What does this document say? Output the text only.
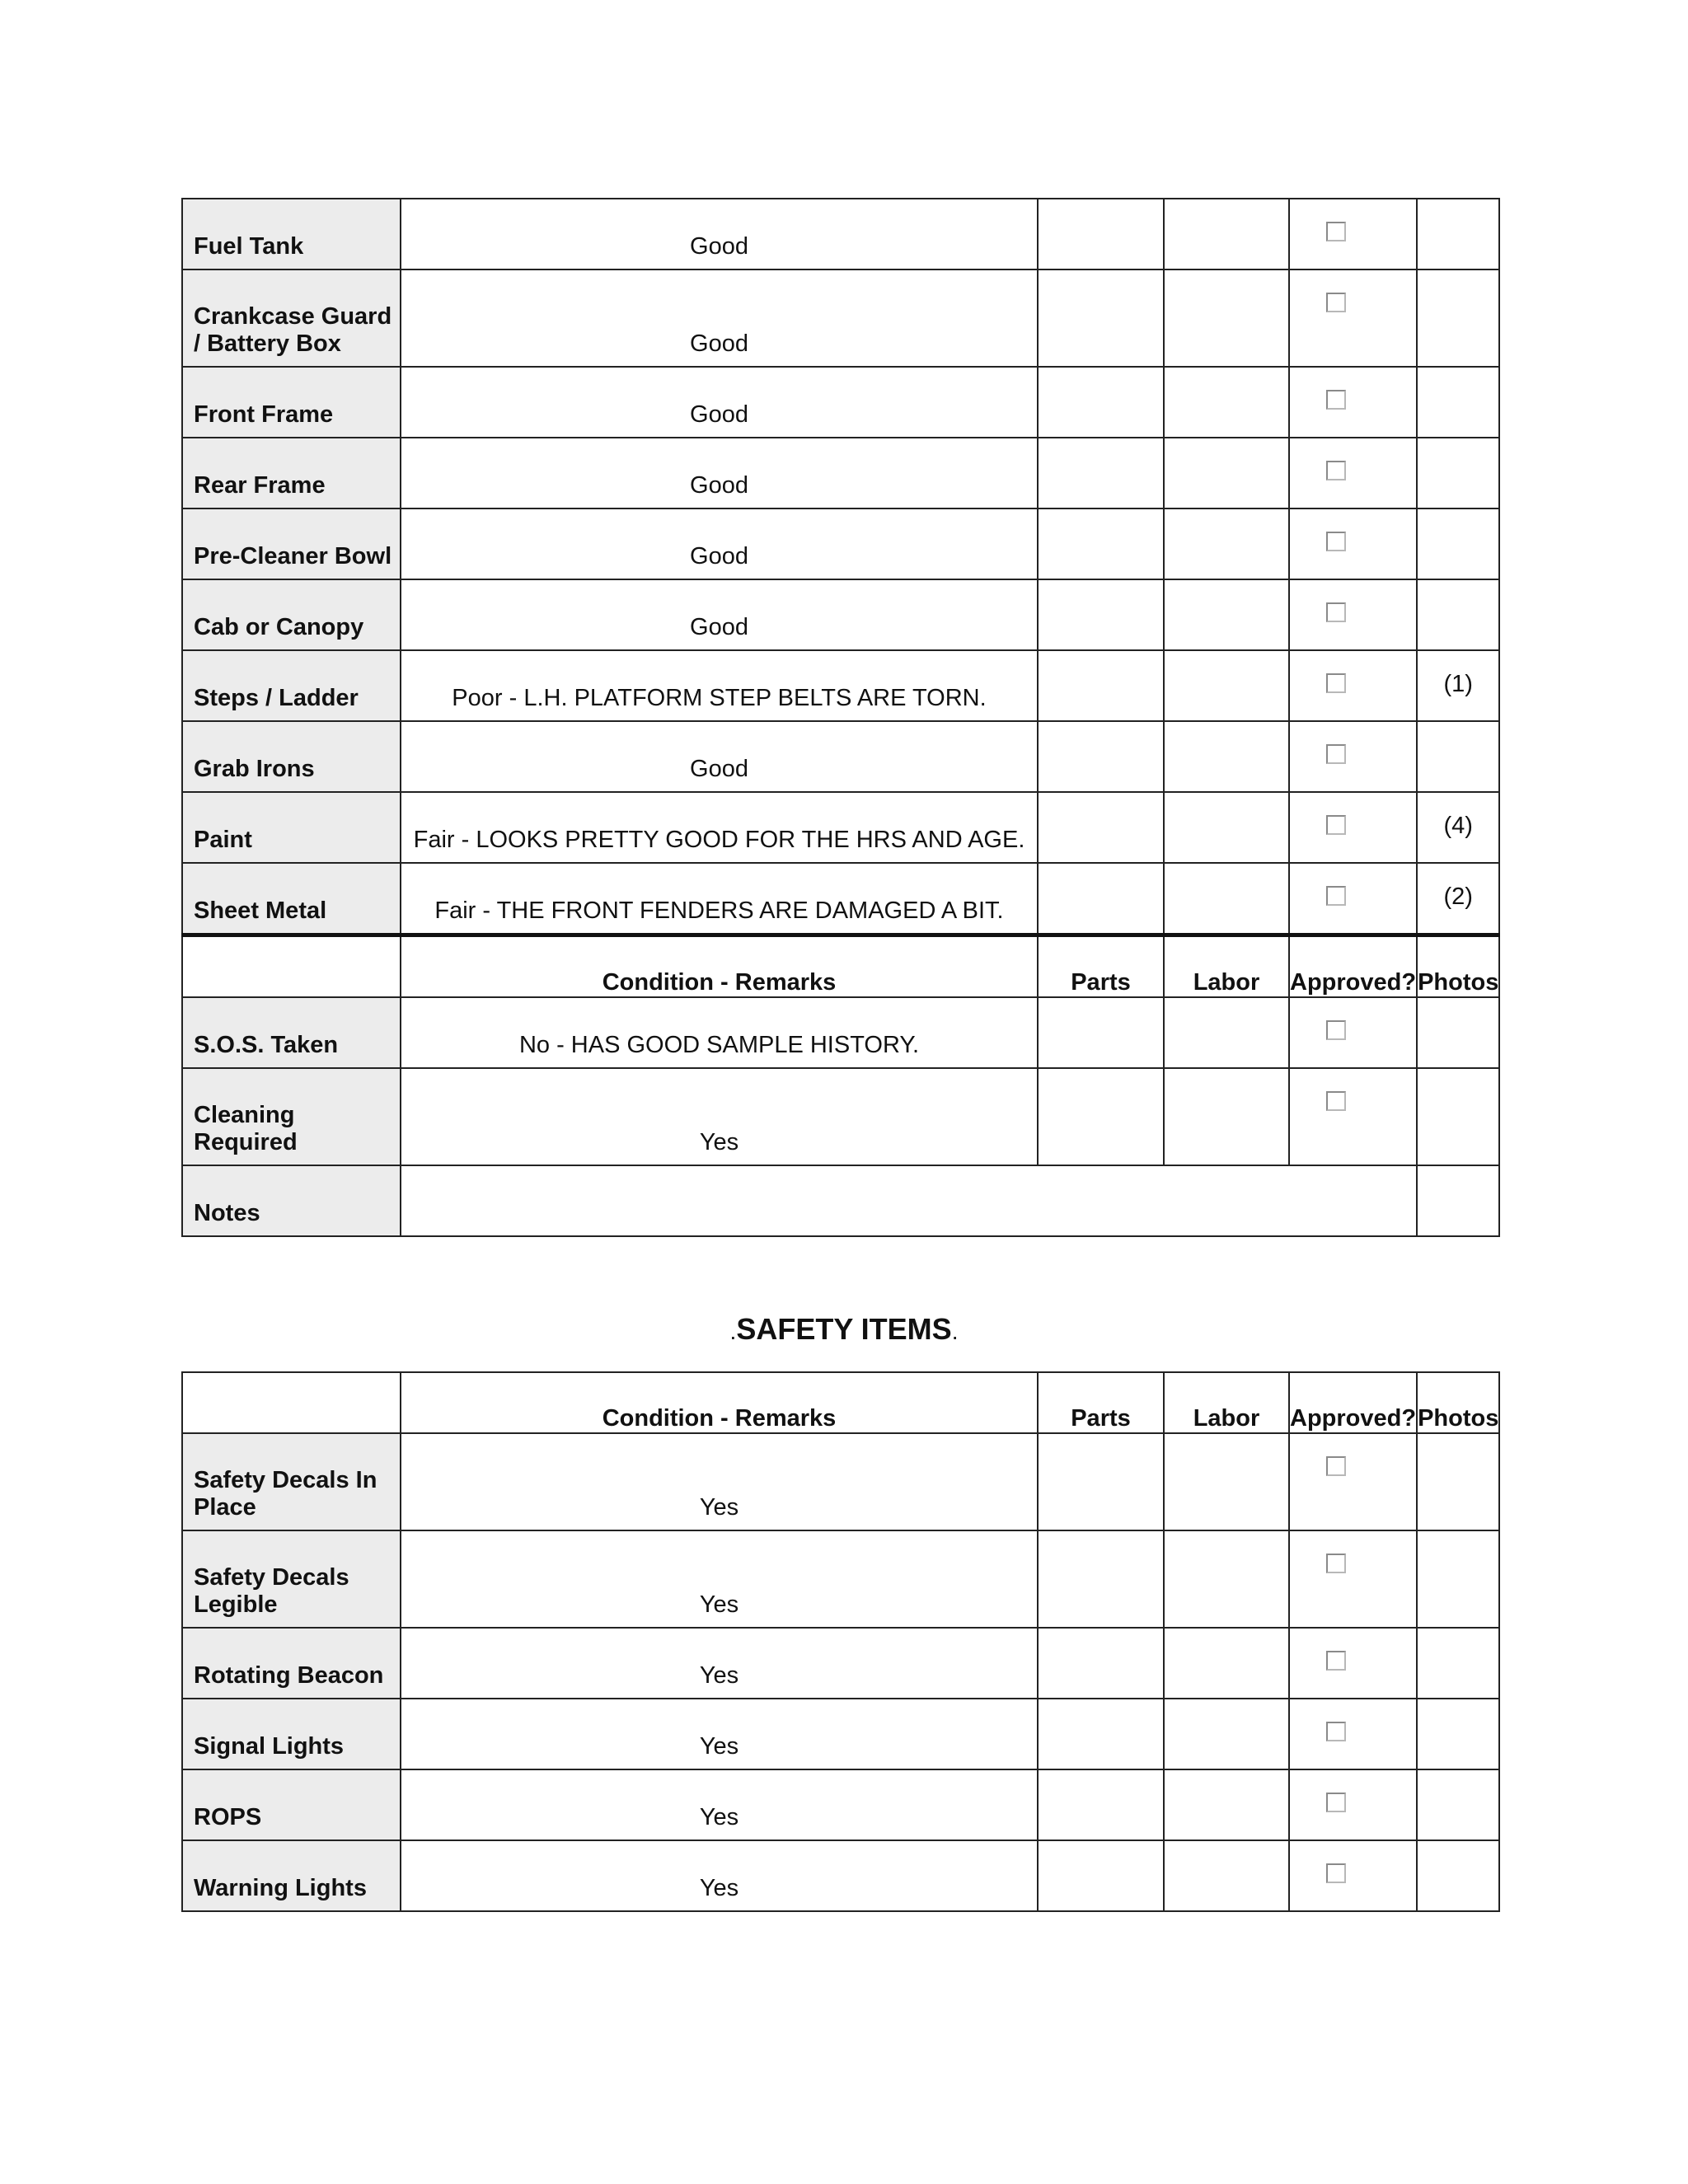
Fuel Tank	Good			

Crankcase Guard / Battery Box	Good			

Front Frame	Good			

Rear Frame	Good			

Pre-Cleaner Bowl	Good			

Cab or Canopy	Good			

Steps / Ladder	Poor - L.H. PLATFORM STEP BELTS ARE TORN.				(1)
Grab Irons	Good			

Paint	Fair - LOOKS PRETTY GOOD FOR THE HRS AND AGE.				(4)
Sheet Metal	Fair - THE FRONT FENDERS ARE DAMAGED A BIT.				(2)
	Condition - Remarks	Parts	Labor	Approved?	Photos
S.O.S. Taken	No - HAS GOOD SAMPLE HISTORY.			

Cleaning Required	Yes			

Notes					
.SAFETY ITEMS.
	Condition - Remarks	Parts	Labor	Approved?	Photos
Safety Decals In Place	Yes			

Safety Decals Legible	Yes			

Rotating Beacon	Yes			

Signal Lights	Yes			

ROPS	Yes			

Warning Lights	Yes			
